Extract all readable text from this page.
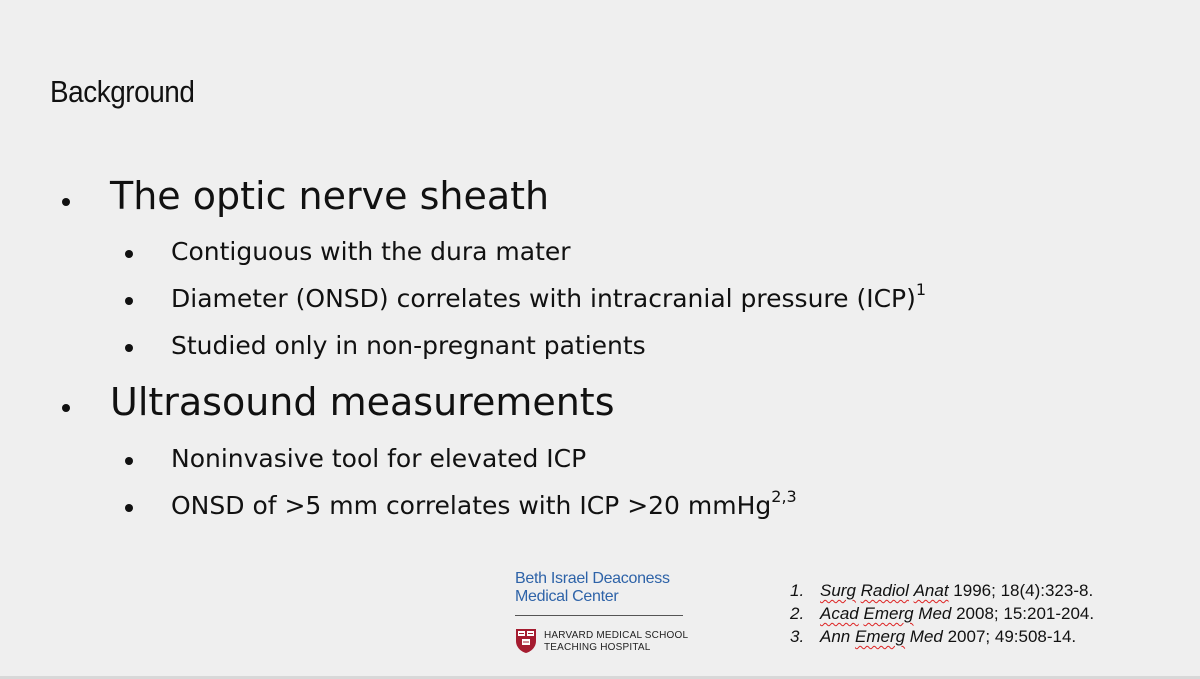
Background
The optic nerve sheath
Contiguous with the dura mater
Diameter (ONSD) correlates with intracranial pressure (ICP)$^1$
Studied only in non-pregnant patients
Ultrasound measurements
Noninvasive tool for elevated ICP
ONSD of >5 mm correlates with ICP >20 mmHg$^{2,3}$
Beth Israel Deaconess
Medical Center
HARVARD MEDICAL SCHOOL
TEACHING HOSPITAL
1. Surg Radiol Anat 1996; 18(4):323-8.
2. Acad Emerg Med 2008; 15:201-204.
3. Ann Emerg Med 2007; 49:508-14.
